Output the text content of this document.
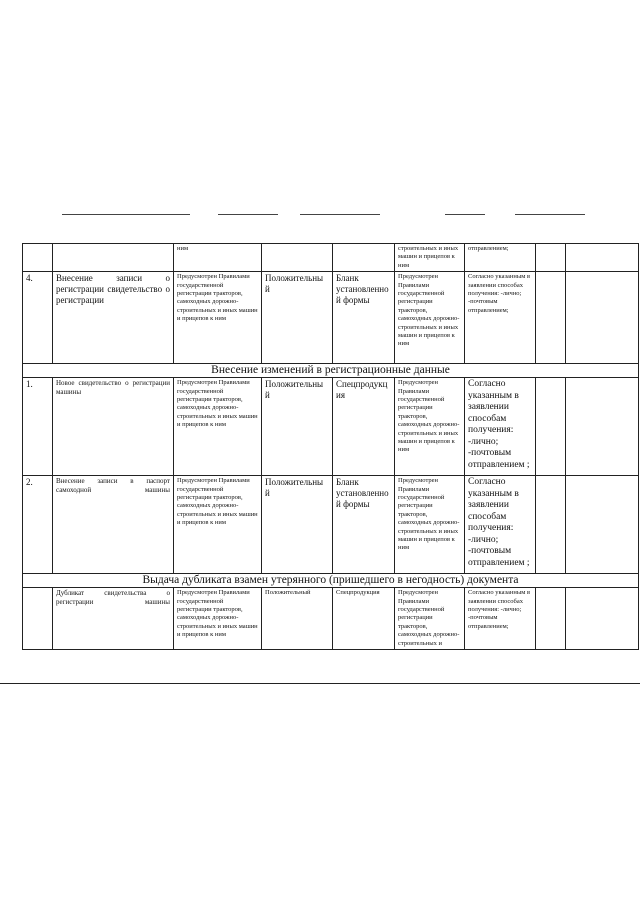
		ним			строительных и иных машин и прицепов к ним	отправлением;		
4.	Внесение записи о регистрации свидетельство о регистрации	Предусмотрен Правилами государственной регистрации тракторов, самоходных дорожно-строительных и иных машин и прицепов к ним	Положительны й	Бланк установленно й формы	Предусмотрен Правилами государственной регистрации тракторов, самоходных дорожно-строительных и иных машин и прицепов к ним	Согласно указанным в заявлении способах получения: -лично; -почтовым отправлением;		
Внесение изменений в регистрационные данные								
1.	Новое свидетельство о регистрации машины	Предусмотрен Правилами государственной регистрации тракторов, самоходных дорожно-строительных и иных машин и прицепов к ним	Положительны й	Спецпродукц ия	Предусмотрен Правилами государственной регистрации тракторов, самоходных дорожно-строительных и иных машин и прицепов к ним	Согласно указанным в заявлении способам получения: -лично; -почтовым отправлением ;		
2.	Внесение записи в паспорт самоходной машины	Предусмотрен Правилами государственной регистрации тракторов, самоходных дорожно-строительных и иных машин и прицепов к ним	Положительны й	Бланк установленно й формы	Предусмотрен Правилами государственной регистрации тракторов, самоходных дорожно-строительных и иных машин и прицепов к ним	Согласно указанным в заявлении способам получения: -лично; -почтовым отправлением ;		
Выдача дубликата взамен утерянного (пришедшего в негодность) документа								
	Дубликат свидетельства о регистрации машины	Предусмотрен Правилами государственной регистрации тракторов, самоходных дорожно-строительных и иных машин и прицепов к ним	Положительный	Спецпродукция	Предусмотрен Правилами государственной регистрации тракторов, самоходных дорожно-строительных и	Согласно указанным в заявлении способах получения: -лично; -почтовым отправлением;		
